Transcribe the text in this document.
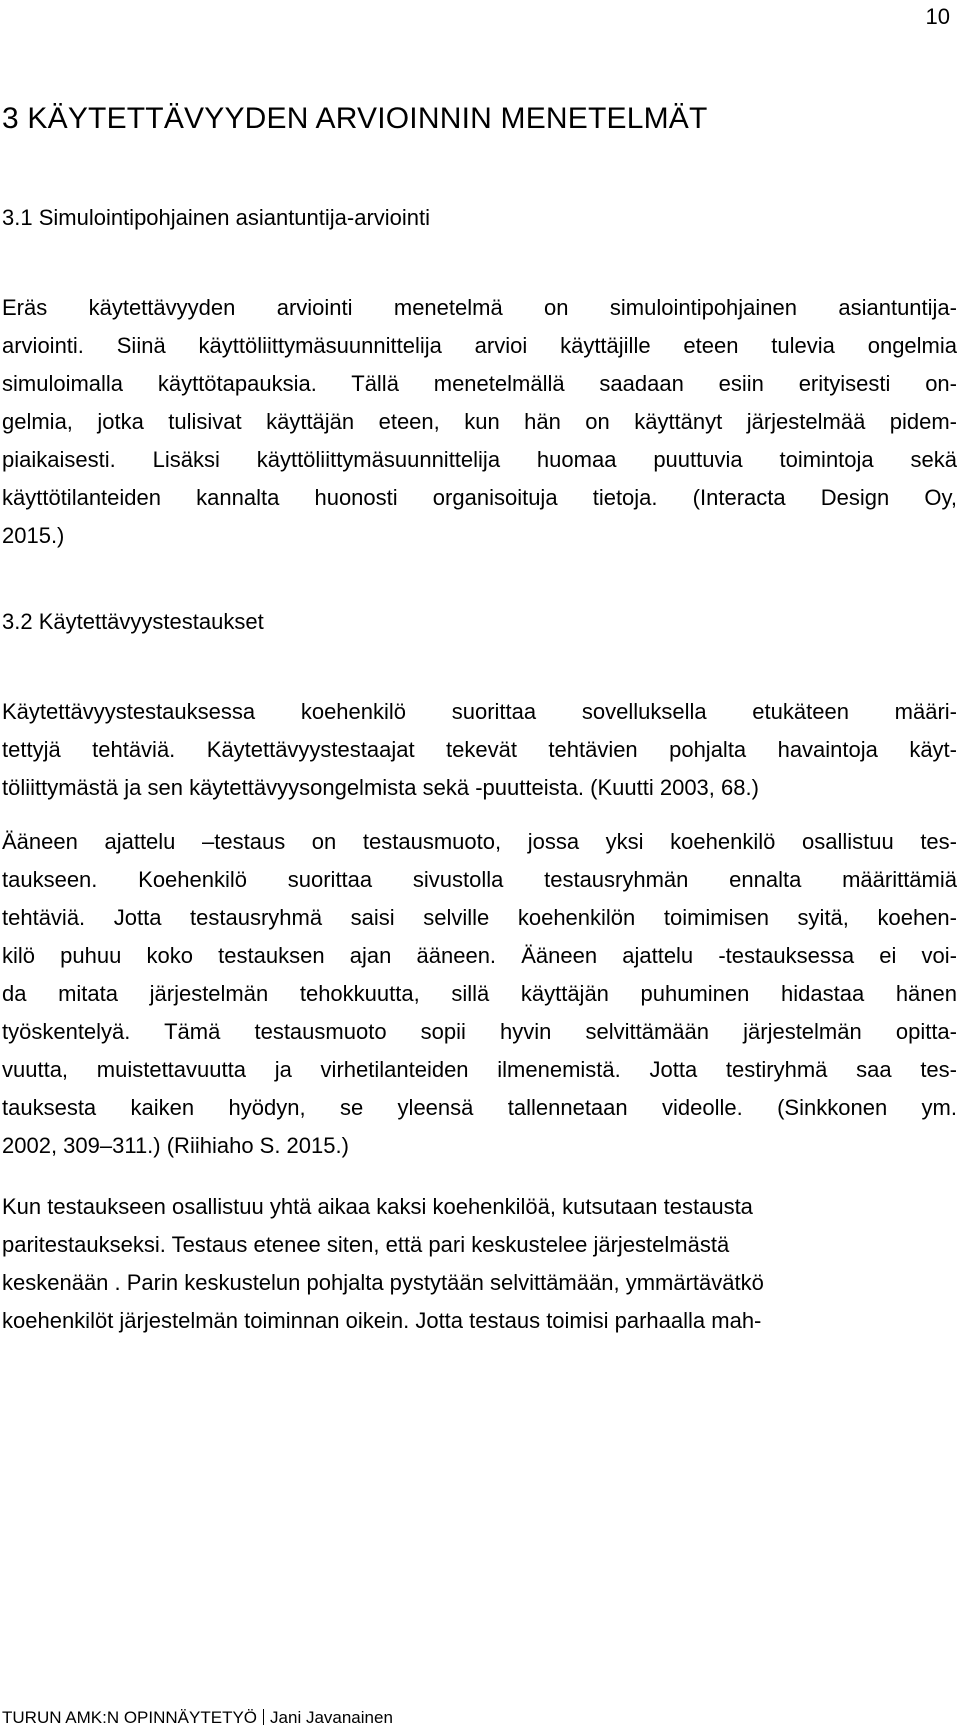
10
3 KÄYTETTÄVYYDEN ARVIOINNIN MENETELMÄT
3.1 Simulointipohjainen asiantuntija-arviointi
Eräs käytettävyyden arviointi menetelmä on simulointipohjainen asiantuntija-
arviointi. Siinä käyttöliittymäsuunnittelija arvioi käyttäjille eteen tulevia ongelmia
simuloimalla käyttötapauksia. Tällä menetelmällä saadaan esiin erityisesti on-
gelmia, jotka tulisivat käyttäjän eteen, kun hän on käyttänyt järjestelmää pidem-
piaikaisesti. Lisäksi käyttöliittymäsuunnittelija huomaa puuttuvia toimintoja sekä
käyttötilanteiden kannalta huonosti organisoituja tietoja. (Interacta Design Oy,
2015.)
3.2 Käytettävyystestaukset
Käytettävyystestauksessa koehenkilö suorittaa sovelluksella etukäteen määri-
tettyjä tehtäviä. Käytettävyystestaajat tekevät tehtävien pohjalta havaintoja käyt-
töliittymästä ja sen käytettävyysongelmista sekä -puutteista. (Kuutti 2003, 68.)
Ääneen ajattelu –testaus on testausmuoto, jossa yksi koehenkilö osallistuu tes-
taukseen. Koehenkilö suorittaa sivustolla testausryhmän ennalta määrittämiä
tehtäviä. Jotta testausryhmä saisi selville koehenkilön toimimisen syitä, koehen-
kilö puhuu koko testauksen ajan ääneen. Ääneen ajattelu -testauksessa ei voi-
da mitata järjestelmän tehokkuutta, sillä käyttäjän puhuminen hidastaa hänen
työskentelyä. Tämä testausmuoto sopii hyvin selvittämään järjestelmän opitta-
vuutta, muistettavuutta ja virhetilanteiden ilmenemistä. Jotta testiryhmä saa tes-
tauksesta kaiken hyödyn, se yleensä tallennetaan videolle. (Sinkkonen ym.
2002, 309–311.) (Riihiaho S. 2015.)
Kun testaukseen osallistuu yhtä aikaa kaksi koehenkilöä, kutsutaan testausta
paritestaukseksi. Testaus etenee siten, että pari keskustelee järjestelmästä
keskenään . Parin keskustelun pohjalta pystytään selvittämään, ymmärtävätkö
koehenkilöt järjestelmän toiminnan oikein. Jotta testaus toimisi parhaalla mah-
TURUN AMK:N OPINNÄYTETYÖ Jani Javanainen
